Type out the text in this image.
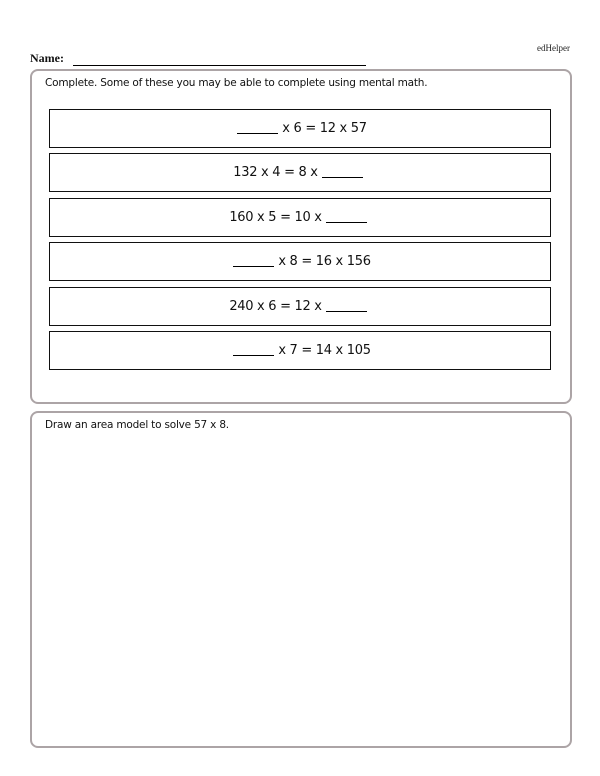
edHelper
Name:
Complete. Some of these you may be able to complete using mental math.
x 6 = 12 x 57
132 x 4 = 8 x
160 x 5 = 10 x
x 8 = 16 x 156
240 x 6 = 12 x
x 7 = 14 x 105
Draw an area model to solve 57 x 8.
